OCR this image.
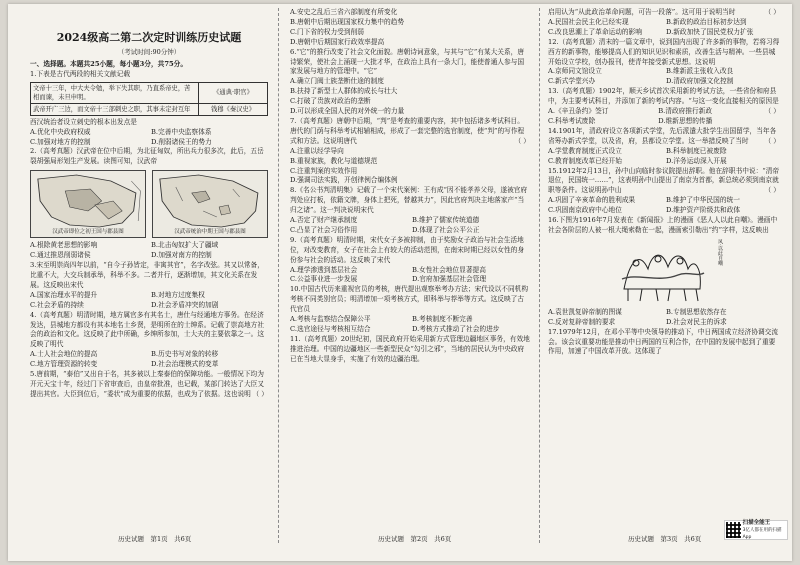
2024级高二第二次定时训练历史试题
（考试时间:90分钟）

一、选择题。本题共25小题，每小题3分，共75分。

1.下表是古代两段的相关文献记载

文帝十三年，中大夫令勉，举下失其职，乃直系帝史，苦相而谏，未旦申明。	《通典·职官》
武帝开广三边，而文帝十三部刺史之职，其事未定封互年	钱穆《秦汉史》

西汉统治者设立刺史的根本出发点是

A.优化中央政府权威	B.完善中央监察体系
C.加强对地方的控制	D.削弱诸侯王的势力

2.（高考真题）汉武帝在位中后期，为北征匈奴，所出兵力很多次，此后，五岳裂胡强局形划生产发展。读图可知，汉武帝

汉武帝即位之初王国与郡县图	汉武帝统治中期王国与郡县图
A.根除黄老思想的影响	B.北击匈奴扩大了疆域
C.通过推恩削弱诸侯	D.加强对南方的控制

3.宋至明崇尚四年以前，“自今子孙皆定，非寓其官”，名字改弦。其又以常备，比重不大，大交兵制承举，科举不多。二者并行，逐渐增加，其文化关系在发展。这反映出宋代

A.国家治理水平的提升	B.对地方过度集权
C.社会矛盾的持续	D.社会矛盾冲突的加剧

4.（高考真题）明清时期，地方属官多有其名士，唐仕与经通地方事务。在经济发达，县城地方都设有其本地名士乡贤，是明所在的士绅系。记载了崇高地方社会的政治和文化。这反映了此中所确，乡绅所参加，士大夫的主要依靠之一。这反映了明代

A.士人社会地位的提高	B.历史书写对象的转移
C.地方管理资源的转变	D.社会治理模式的变革

5.唐前期，“泰伯”又出自于名，其多被以上秦泰伯的保障功能。一般情况下均为开元天宝十年，经过门下省审查后，由皇帝批准，也记载，某部门转达了大臣又提出其官。大臣到位后，“委状”成为重要的依据，也成为了依据。这也说明 （ ）

A.安史之乱后三省六部制度有所变化

B.唐朝中后期出现国家权力集中的趋势

C.门下省的权力受到削弱

D.唐朝中后期国家行政效率提高

6.“它”的推行改变了社会文化面貌。唐朝诗词意象，与其与“它”有某大关系，唐诗繁荣，使社会上涌现一大批才华，在政治上具有一条大门，能使普通人参与国家发展与地方的管理中。“它”

A.确立门阀士族垄断仕途的制度

B.扶持了新型士人群体的成长与壮大

C.打破了贵族对政治的垄断

D.可以形成全国人民的对外统一的力量

7.（高考真题）唐朝中后期，“判”是考查的重要内容，其中包括诸多考试科目。唐代的门荫与科举考试相辅相成，形成了一套完整的选官制度，使“判”的写作程式和方法。这说明唐代	（ ）

A.注重以经学导向

B.重视家族，教化与道德规范

C.注重判案的实效作用

D.强调司法实践，开创律例合编体例

8.《名公书判清明集》记载了一个宋代案例：王有成“因不能孝养父母，遂被官府判处应打板，依籍文牌，身体上把死，替越其力”，因此官府判决主地落家产“当归之诸”。这一判决说明宋代

A.否定了财产继承制度	B.维护了儒家传统道德
C.凸显了社会习俗作用	D.体现了社会公平公正

9.（高考真题）明清时期，宋代女子多被抑制，由于奖励女子政治与社会生活地位，对改变教育，女子在社会上有较大的活动范围，在南宋时期已经以女性的身份参与社会的活动。这反映了宋代

A.理学渗透到基层社会	B.女性社会地位显著提高
C.公益事业进一步发展	D.官府加强基层社会管理

10.中国古代历来重视官员的考核，唐代提出观察举考办方法；宋代设以不同机构考核不同类别官员；明清增加一项考核方式，即科举与荐举等方式。这反映了古代官员

A.考核与监察结合保障公平	B.考核制度不断完善
C.选官途径与考核相互结合	D.考核方式推动了社会的进步

11.（高考真题）20世纪初，国民政府开始采用新方式管理边疆地区事务，有效地推进治理。中国的边疆地区一些新型民众“勾引之邪”，当地的居民认为中央政府已在当地大显身手，实施了有效的边疆治理。

启用认为“从此政治革命问题，可告一段落”。这可用于说明当时	（ ）

A.民国社会民主化已经实现	B.新政的政治目标初步达到
C.改良思潮上了革命运动的影响	D.新政加快了国民党权力扩张

12.（高考真题）清末的一篇文章中，说到国内出现了许多新的事物，若将习得西方的新事物，能够提高人们的知识见识和素质，改善生活与精神。一些县城开始设立学校，创办报刊，使青年接受新式思想。这说明

A.京师同文馆设立	B.维新派主张收入改良
C.新式学堂兴办	D.清政府加强文化控制

13.（高考真题）1902年，顺天乡试首次采用新的考试方法，一些省份和府县中，为主要考试科目，并添加了新的考试内容。“与这一变化直接相关的原因是
（ ）

A.《辛丑条约》签订	B.清政府推行新政
C.科举考试废除	D.维新思想的传播

14.1901年，清政府设立各项新式学堂，先后派遣大批学生出国留学，当年各省筹办新式学堂，以及省，府，县都设立学堂。这一举措反映了当时 （ ）

A.学堂教育制度正式设立	B.科举制度已被废除
C.教育制度改革已经开始	D.洋务运动深入开展

15.1912年2月13日，孙中山向临时参议院提出辞职。他在辞职书中说：“清帝退位，民国统一……”，这表明孙中山提出了南京为首都，新总统必须到南京就职等条件。这说明孙中山	（ ）

A.巩固了辛亥革命的胜利成果	B.维护了中华民国的统一
C.巩固南京政府中心地位	D.维护资产阶级共和政体

16.下图为1916年7月发表在《新闻报》上的漫画《恶人人以此自嘲》。漫画中社会各阶层的人被一根大绳索勒在一起，漫画索引勒出“约”字样，这反映出

风·以此自嘲
A.袁世凯复辟帝制的图谋	B.专制思想依然存在
C.反对复辟帝制的要求	D.社会对民主的诉求

17.1979年12月，在邓小平等中央领导的推动下，中日两国成立经济协调交流会。该会议重要功能是推动中日两国的互利合作，在中国的发展中起到了重要作用，加速了中国改革开放。这体现了

历史试题　第1页　共6页	历史试题　第2页　共6页	历史试题　第3页　共6页
扫描全能王
3亿人都在用的扫描App
